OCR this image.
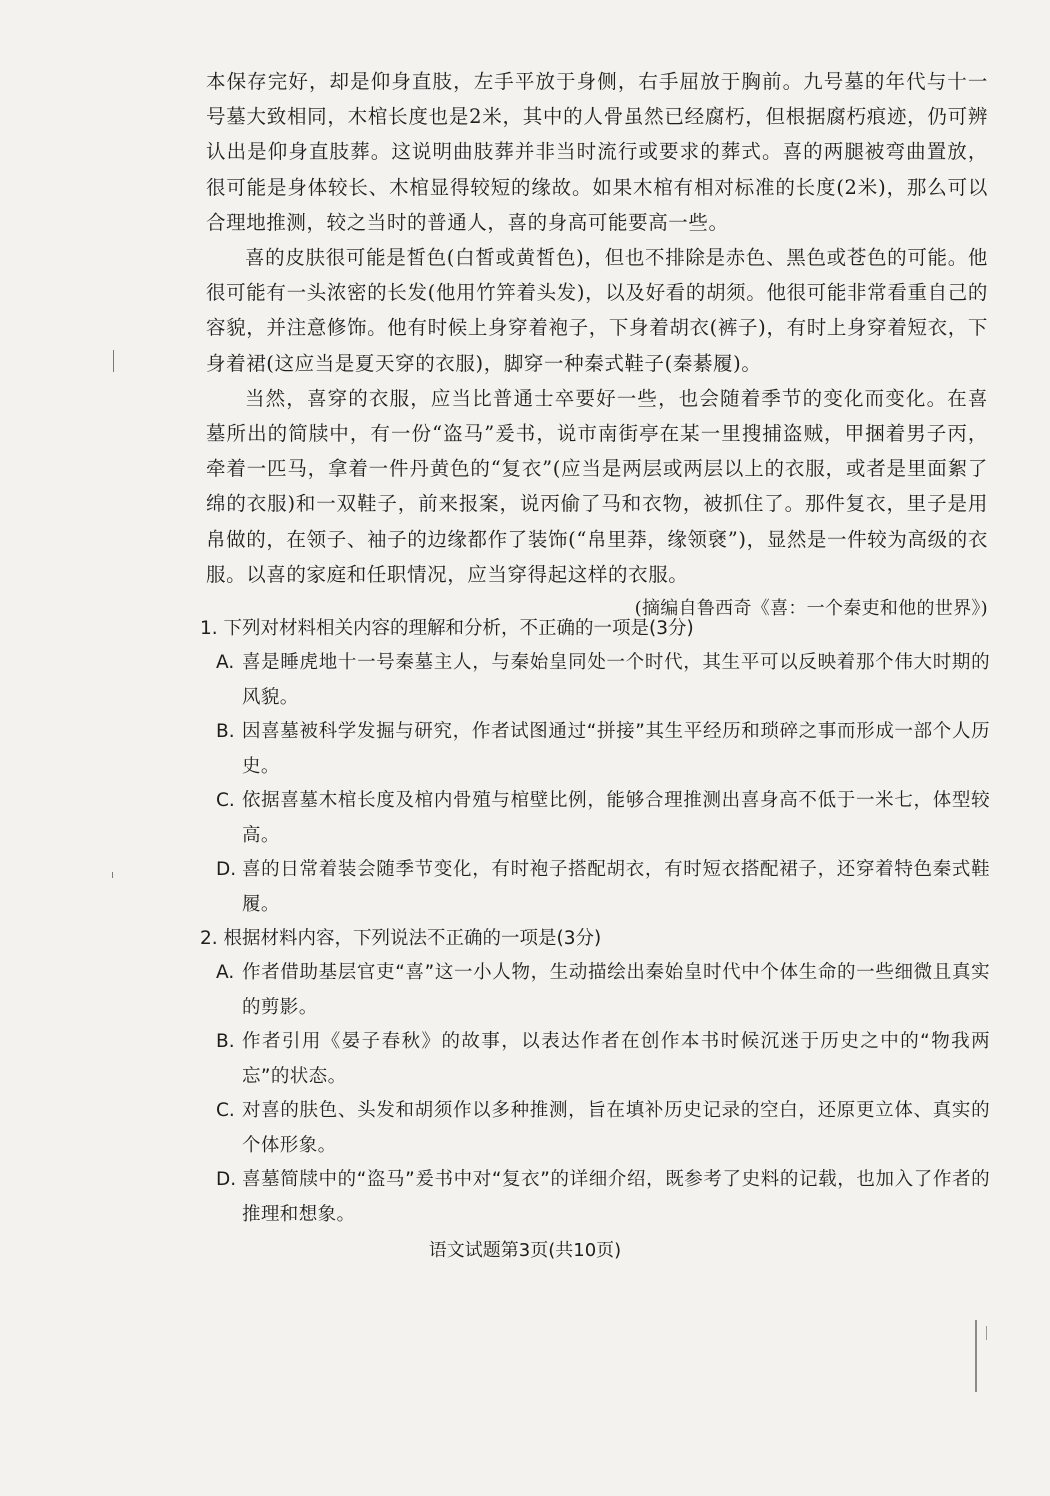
本保存完好，却是仰身直肢，左手平放于身侧，右手屈放于胸前。九号墓的年代与十一号墓大致相同，木棺长度也是2米，其中的人骨虽然已经腐朽，但根据腐朽痕迹，仍可辨认出是仰身直肢葬。这说明曲肢葬并非当时流行或要求的葬式。喜的两腿被弯曲置放，很可能是身体较长、木棺显得较短的缘故。如果木棺有相对标准的长度(2米)，那么可以合理地推测，较之当时的普通人，喜的身高可能要高一些。

喜的皮肤很可能是皙色(白皙或黄皙色)，但也不排除是赤色、黑色或苍色的可能。他很可能有一头浓密的长发(他用竹笄着头发)，以及好看的胡须。他很可能非常看重自己的容貌，并注意修饰。他有时候上身穿着袍子，下身着胡衣(裤子)，有时上身穿着短衣，下身着裙(这应当是夏天穿的衣服)，脚穿一种秦式鞋子(秦綦履)。

当然，喜穿的衣服，应当比普通士卒要好一些，也会随着季节的变化而变化。在喜墓所出的简牍中，有一份“盗马”爰书，说市南街亭在某一里搜捕盗贼，甲捆着男子丙，牵着一匹马，拿着一件丹黄色的“复衣”(应当是两层或两层以上的衣服，或者是里面絮了绵的衣服)和一双鞋子，前来报案，说丙偷了马和衣物，被抓住了。那件复衣，里子是用帛做的，在领子、袖子的边缘都作了装饰(“帛里莽，缘领褎”)，显然是一件较为高级的衣服。以喜的家庭和任职情况，应当穿得起这样的衣服。

(摘编自鲁西奇《喜：一个秦吏和他的世界》)

1. 下列对材料相关内容的理解和分析，不正确的一项是(3分)

A. 喜是睡虎地十一号秦墓主人，与秦始皇同处一个时代，其生平可以反映着那个伟大时期的风貌。
B. 因喜墓被科学发掘与研究，作者试图通过“拼接”其生平经历和琐碎之事而形成一部个人历史。
C. 依据喜墓木棺长度及棺内骨殖与棺壁比例，能够合理推测出喜身高不低于一米七，体型较高。
D. 喜的日常着装会随季节变化，有时袍子搭配胡衣，有时短衣搭配裙子，还穿着特色秦式鞋履。

2. 根据材料内容，下列说法不正确的一项是(3分)

A. 作者借助基层官吏“喜”这一小人物，生动描绘出秦始皇时代中个体生命的一些细微且真实的剪影。
B. 作者引用《晏子春秋》的故事，以表达作者在创作本书时候沉迷于历史之中的“物我两忘”的状态。
C. 对喜的肤色、头发和胡须作以多种推测，旨在填补历史记录的空白，还原更立体、真实的个体形象。
D. 喜墓简牍中的“盗马”爰书中对“复衣”的详细介绍，既参考了史料的记载，也加入了作者的推理和想象。
语文试题第3页(共10页)
